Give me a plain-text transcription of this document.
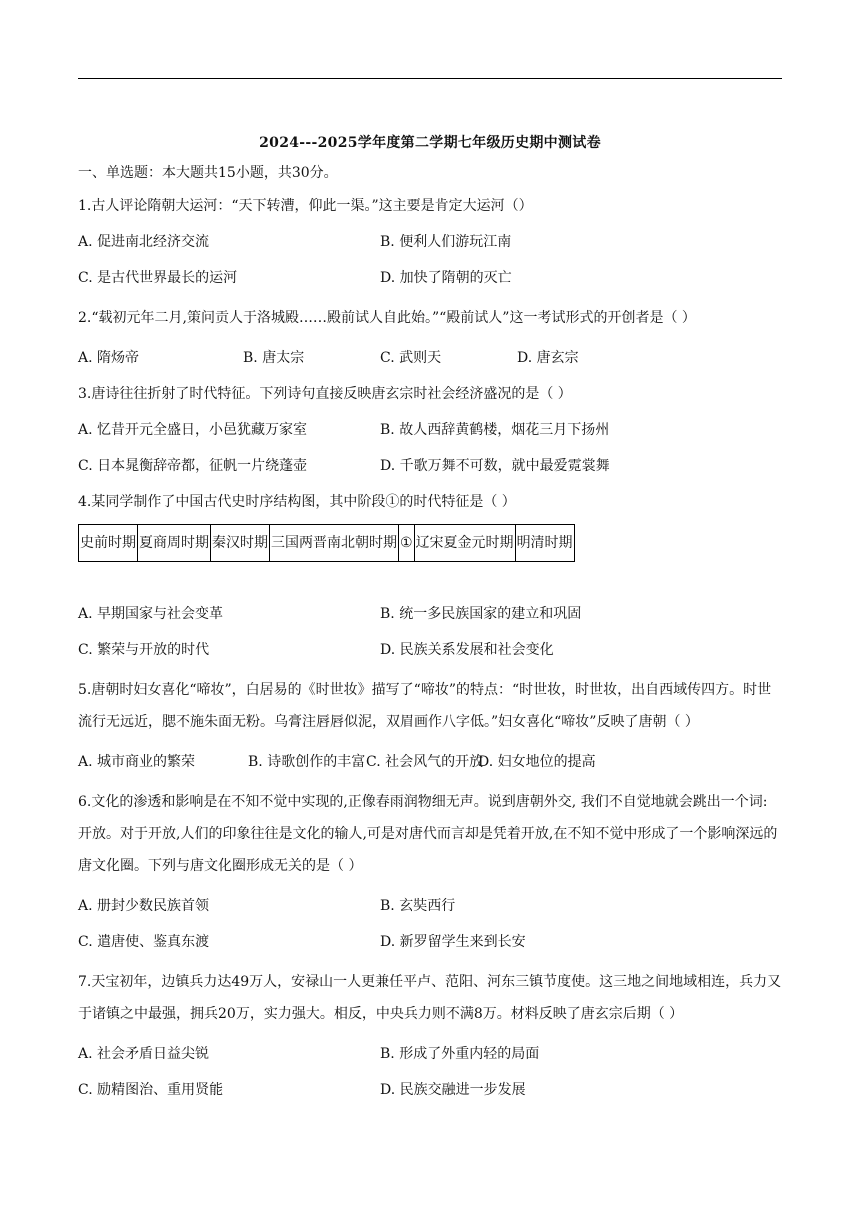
2024---2025学年度第二学期七年级历史期中测试卷
一、单选题：本大题共15小题，共30分。

1.古人评论隋朝大运河：“天下转漕，仰此一渠。”这主要是肯定大运河（）

A. 促进南北经济交流	B. 便利人们游玩江南
C. 是古代世界最长的运河	D. 加快了隋朝的灭亡

2.“载初元年二月,策问贡人于洛城殿‥‥‥殿前试人自此始。”“殿前试人”这一考试形式的开创者是（ ）

A. 隋炀帝	B. 唐太宗	C. 武则天	D. 唐玄宗

3.唐诗往往折射了时代特征。下列诗句直接反映唐玄宗时社会经济盛况的是（ ）

A. 忆昔开元全盛日，小邑犹藏万家室	B. 故人西辞黄鹤楼，烟花三月下扬州
C. 日本晁衡辞帝都，征帆一片绕蓬壶	D. 千歌万舞不可数，就中最爱霓裳舞

4.某同学制作了中国古代史时序结构图，其中阶段①的时代特征是（ ）

史前时期	夏商周时期	秦汉时期	三国两晋南北朝时期	①	辽宋夏金元时期	明清时期
A. 早期国家与社会变革	B. 统一多民族国家的建立和巩固
C. 繁荣与开放的时代	D. 民族关系发展和社会变化

5.唐朝时妇女喜化“啼妆”，白居易的《时世妆》描写了“啼妆”的特点：“时世妆，时世妆，出自西域传四方。时世流行无远近，腮不施朱面无粉。乌膏注唇唇似泥，双眉画作八字低。”妇女喜化“啼妆”反映了唐朝（ ）

A. 城市商业的繁荣	B. 诗歌创作的丰富 C. 社会风气的开放
D. 妇女地位的提高

6.文化的渗透和影响是在不知不觉中实现的,正像春雨润物细无声。说到唐朝外交, 我们不自觉地就会跳出一个词: 开放。对于开放,人们的印象往往是文化的输人,可是对唐代而言却是凭着开放,在不知不觉中形成了一个影响深远的唐文化圈。下列与唐文化圈形成无关的是（ ）

A. 册封少数民族首领	B. 玄奘西行
C. 遣唐使、鉴真东渡	D. 新罗留学生来到长安

7.天宝初年，边镇兵力达49万人，安禄山一人更兼任平卢、范阳、河东三镇节度使。这三地之间地域相连，兵力又于诸镇之中最强，拥兵20万，实力强大。相反，中央兵力则不满8万。材料反映了唐玄宗后期（ ）

A. 社会矛盾日益尖锐	B. 形成了外重内轻的局面
C. 励精图治、重用贤能	D. 民族交融进一步发展
